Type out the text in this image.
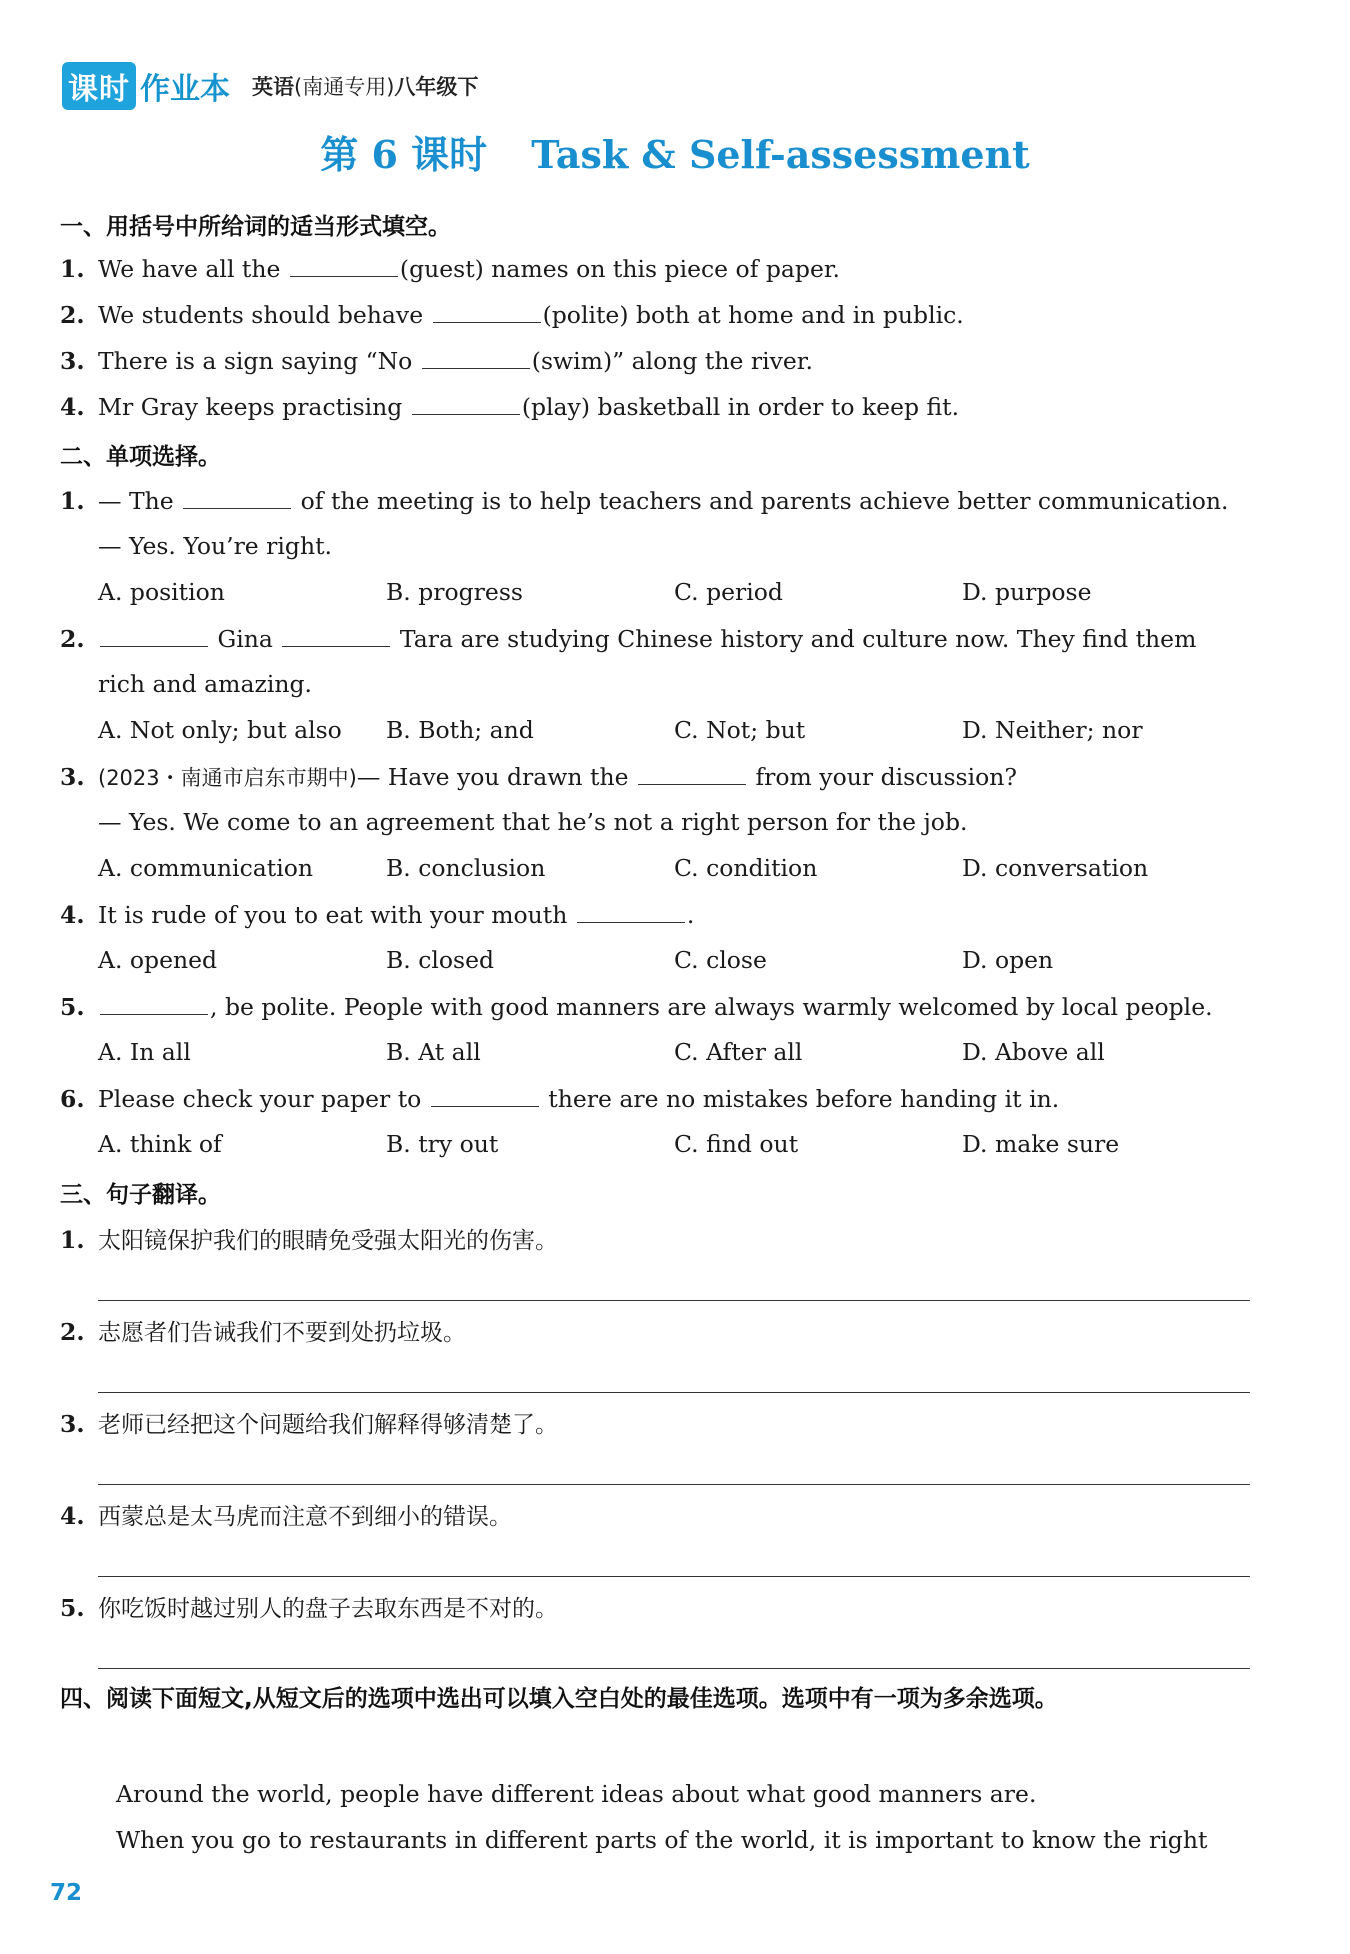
课时 作业本 英语(南通专用)八年级下
第 6 课时 Task & Self-assessment
一、用括号中所给词的适当形式填空。
1. We have all the	(guest) names on this piece of paper.
2. We students should behave	(polite) both at home and in public.
3. There is a sign saying “No	(swim)” along the river.
4. Mr Gray keeps practising	(play) basketball in order to keep fit.
二、单项选择。
1. — The	of the meeting is to help teachers and parents achieve better communication.
— Yes. You’re right.
A. position	B. progress	C. period	D. purpose
2.	Gina	Tara are studying Chinese history and culture now. They find them
rich and amazing.
A. Not only; but also B. Both; and	C. Not; but	D. Neither; nor
3. (2023・南通市启东市期中)— Have you drawn the	from your discussion?
— Yes. We come to an agreement that he’s not a right person for the job.
A. communication	B. conclusion	C. condition	D. conversation
4. It is rude of you to eat with your mouth	.
A. opened	B. closed	C. close	D. open
5.	, be polite. People with good manners are always warmly welcomed by local people.
A. In all	B. At all	C. After all	D. Above all
6. Please check your paper to	there are no mistakes before handing it in.
A. think of	B. try out	C. find out	D. make sure
三、句子翻译。
1. 太阳镜保护我们的眼睛免受强太阳光的伤害。
2. 志愿者们告诫我们不要到处扔垃圾。
3. 老师已经把这个问题给我们解释得够清楚了。
4. 西蒙总是太马虎而注意不到细小的错误。
5. 你吃饭时越过别人的盘子去取东西是不对的。
四、阅读下面短文,从短文后的选项中选出可以填入空白处的最佳选项。选项中有一项为多余选项。
Around the world, people have different ideas about what good manners are.
When you go to restaurants in different parts of the world, it is important to know the right
72
